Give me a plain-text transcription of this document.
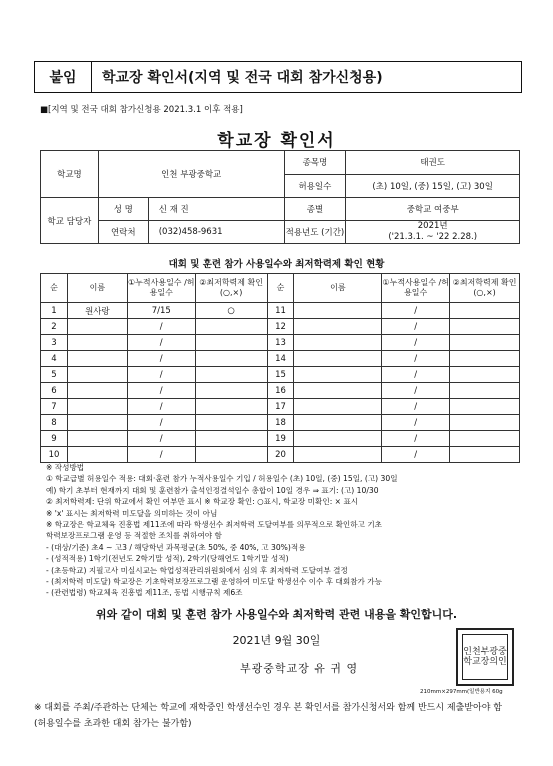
붙임	학교장 확인서(지역 및 전국 대회 참가신청용)
■[지역 및 전국 대회 참가신청용 2021.3.1 이후 적용]
학교장 확인서
학교명	인천 부광중학교		종목명	태권도
			허용일수	(초) 10일, (중) 15일, (고) 30일
학교 담당자	성 명	신 재 진	종별	중학교 여중부
	연락처	(032)458-9631	적용년도 (기간)	2021년
('21.3.1. ~ '22 2.28.)
대회 및 훈련 참가 사용일수와 최저학력제 확인 현황
순	이름	①누적사용일수 /허용일수	②최저학력제 확인(○,×)	순	이름	①누적사용일수 /허용일수	②최저학력제 확인(○,×)
1	원사랑	7/15	○	11		/	
2		/		12		/	
3		/		13		/	
4		/		14		/	
5		/		15		/	
6		/		16		/	
7		/		17		/	
8		/		18		/	
9		/		19		/	
10		/		20		/	
※ 작성방법
① 학교급별 허용일수 적용: 대회·훈련 참가 누적사용일수 기입 / 허용일수 (초) 10일, (중) 15일, (고) 30일
예) 학기 초부터 현재까지 대회 및 훈련참가 출석인정결석일수 총합이 10일 경우 ⇒ 표기: (고) 10/30
② 최저학력제: 단위 학교에서 확인 여부만 표시 ※ 학교장 확인: ○표시, 학교장 미확인: × 표시
※ 'x' 표시는 최저학력 미도달을 의미하는 것이 아님
※ 학교장은 학교체육 진흥법 제11조에 따라 학생선수 최저학력 도달여부를 의무적으로 확인하고 기초
학력보장프로그램 운영 등 적절한 조치를 취하여야 함
- (대상/기준) 초4 ~ 고3 / 해당학년 과목평균(초 50%, 중 40%, 고 30%)적용
- (성적적용) 1학기(전년도 2학기말 성적), 2학기(당해연도 1학기말 성적)
- (초등학교) 지필고사 미실시교는 학업성적관리위원회에서 심의 후 최저학력 도달여부 결정
- (최저학력 미도달) 학교장은 기초학력보장프로그램 운영하여 미도달 학생선수 이수 후 대회참가 가능
- (관련법령) 학교체육 진흥법 제11조, 동법 시행규칙 제6조
위와 같이 대회 및 훈련 참가 사용일수와 최저학력 관련 내용을 확인합니다.
2021년 9월 30일
부광중학교장 유 귀 영
인천부광중학교장의인
210mm×297mm(일반용지 60g
※ 대회를 주최/주관하는 단체는 학교에 재학중인 학생선수인 경우 본 확인서를 참가신청서와 함께 반드시 제출받아야 함(허용일수를 초과한 대회 참가는 불가함)
